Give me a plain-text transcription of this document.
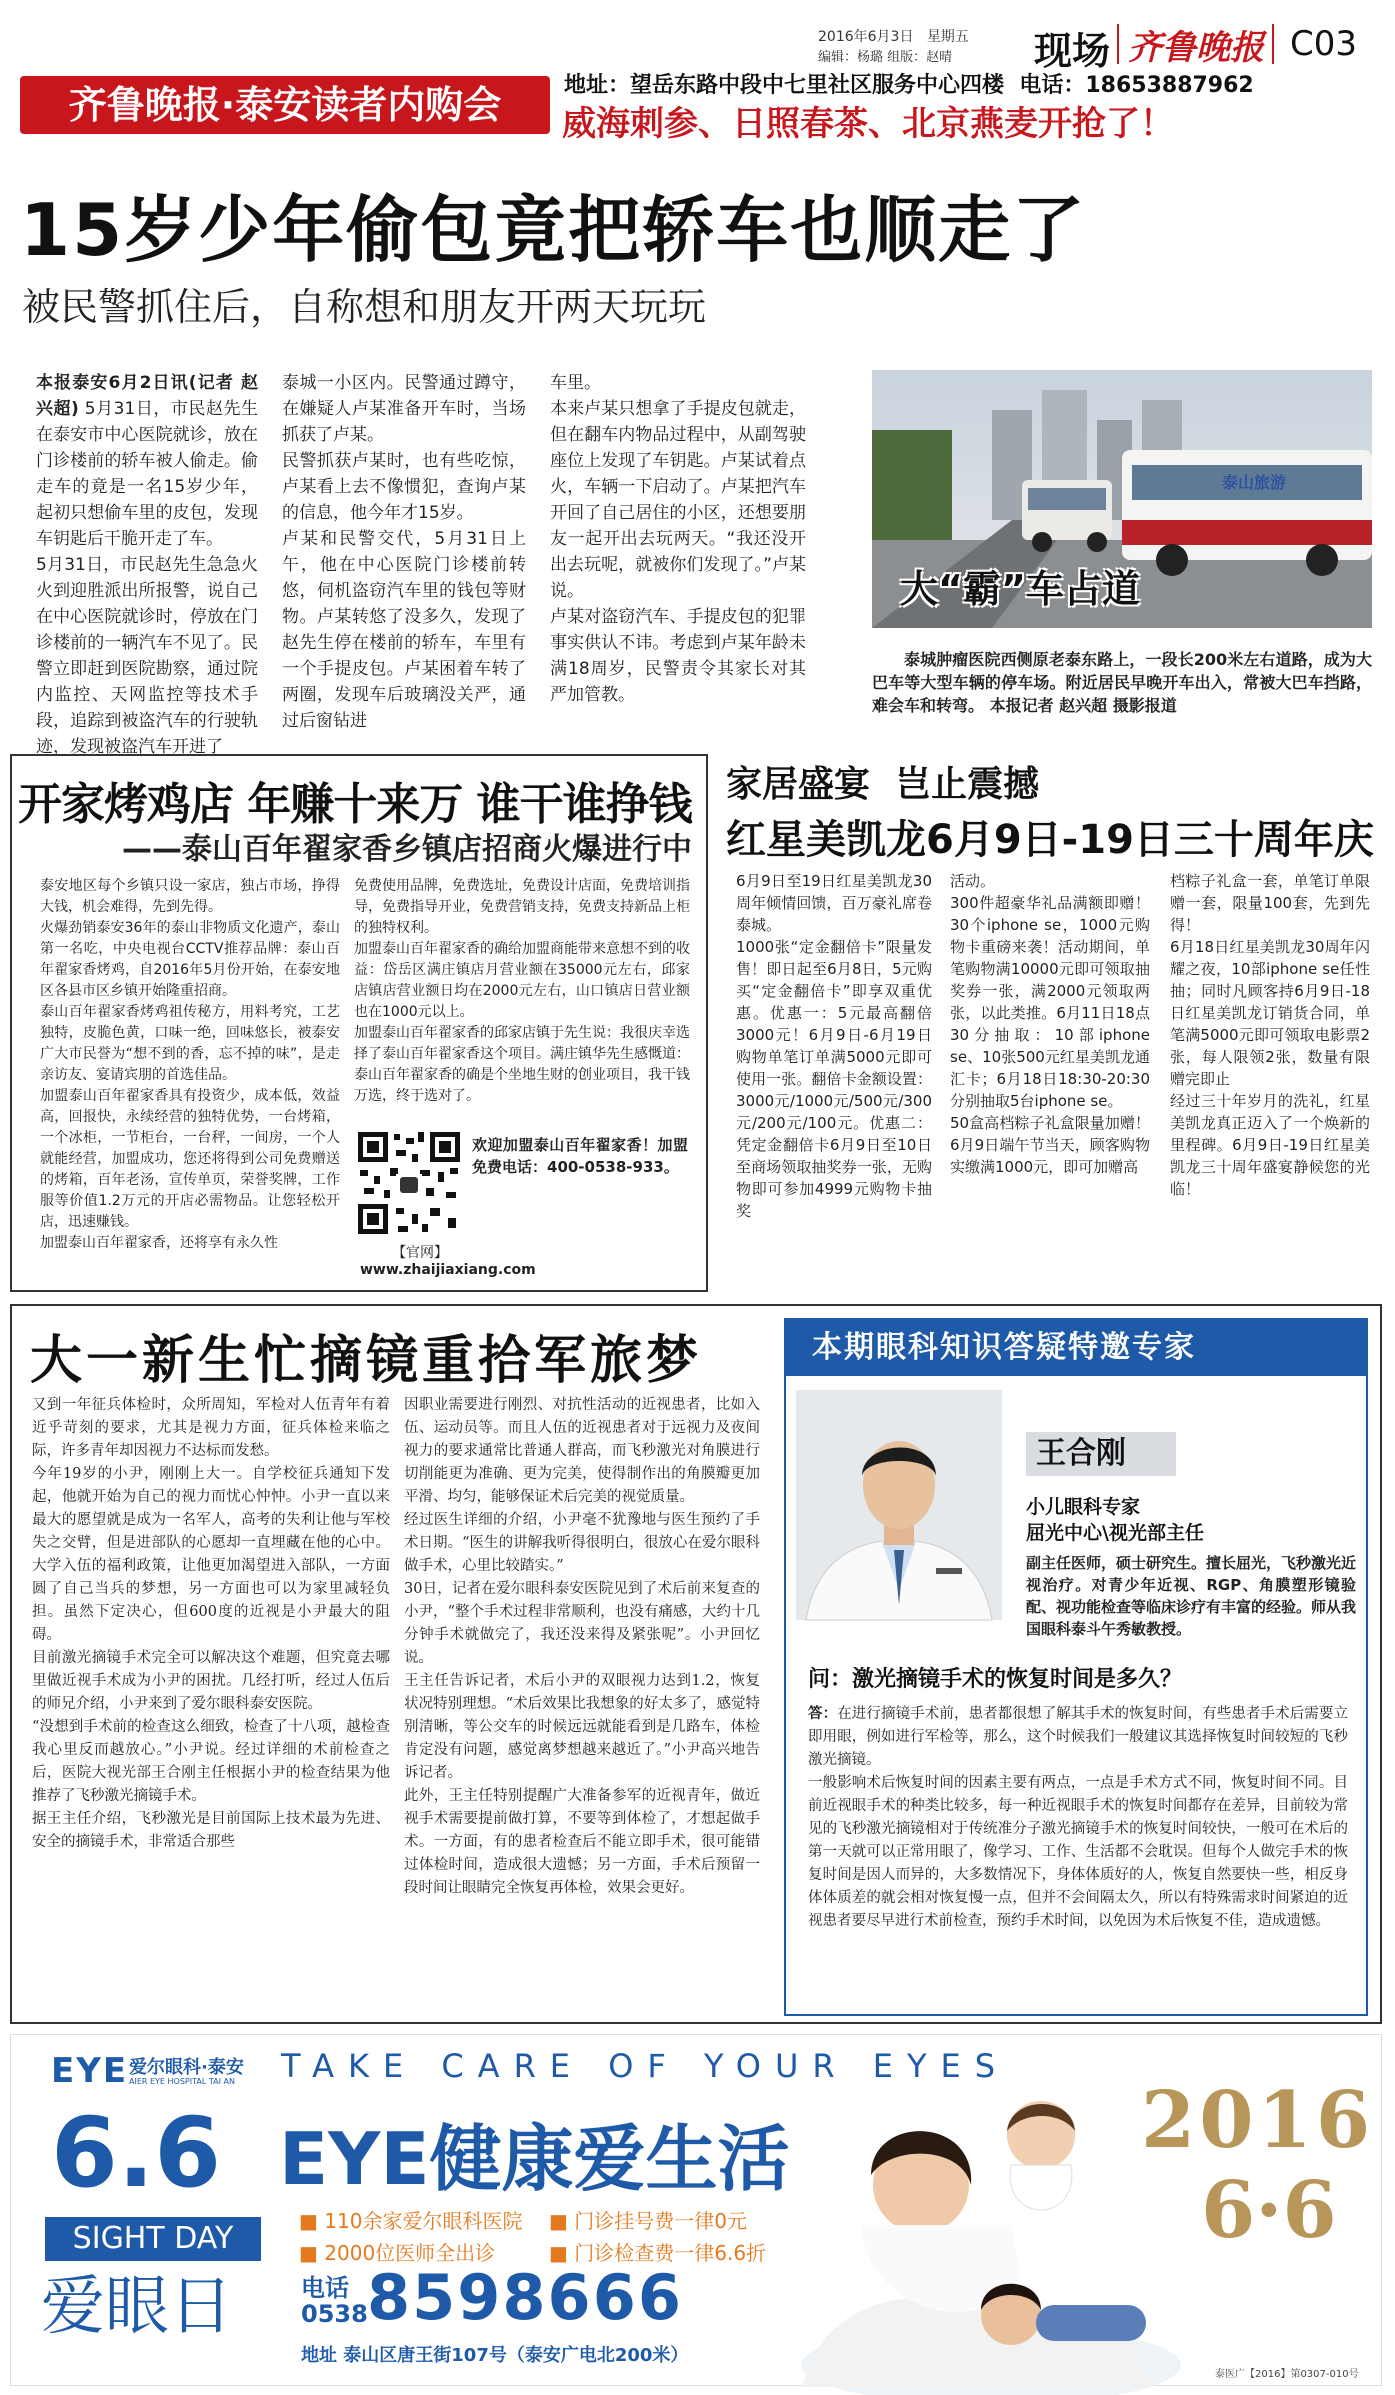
2016年6月3日 星期五
编辑：杨璐 组版：赵晴 现场 齐鲁晚报 C03
齐鲁晚报·泰安读者内购会	地址：望岳东路中段中七里社区服务中心四楼 电话：18653887962
威海刺参、日照春茶、北京燕麦开抢了！
15岁少年偷包竟把轿车也顺走了
被民警抓住后，自称想和朋友开两天玩玩
本报泰安6月2日讯(记者 赵兴超) 5月31日，市民赵先生在泰安市中心医院就诊，放在门诊楼前的轿车被人偷走。偷走车的竟是一名15岁少年，起初只想偷车里的皮包，发现车钥匙后干脆开走了车。
5月31日，市民赵先生急急火火到迎胜派出所报警，说自己在中心医院就诊时，停放在门诊楼前的一辆汽车不见了。民警立即赶到医院勘察，通过院内监控、天网监控等技术手段，追踪到被盗汽车的行驶轨迹，发现被盗汽车开进了
泰城一小区内。民警通过蹲守，在嫌疑人卢某准备开车时，当场抓获了卢某。
民警抓获卢某时，也有些吃惊，卢某看上去不像惯犯，查询卢某的信息，他今年才15岁。
卢某和民警交代，5月31日上午，他在中心医院门诊楼前转悠，伺机盗窃汽车里的钱包等财物。卢某转悠了没多久，发现了赵先生停在楼前的轿车，车里有一个手提皮包。卢某困着车转了两圈，发现车后玻璃没关严，通过后窗钻进
车里。
本来卢某只想拿了手提皮包就走，但在翻车内物品过程中，从副驾驶座位上发现了车钥匙。卢某试着点火，车辆一下启动了。卢某把汽车开回了自己居住的小区，还想要朋友一起开出去玩两天。“我还没开出去玩呢，就被你们发现了。”卢某说。
卢某对盗窃汽车、手提皮包的犯罪事实供认不讳。考虑到卢某年龄未满18周岁，民警责令其家长对其严加管教。
泰山旅游
大“霸”车占道
泰城肿瘤医院西侧原老泰东路上，一段长200米左右道路，成为大巴车等大型车辆的停车场。附近居民早晚开车出入，常被大巴车挡路，难会车和转弯。 本报记者 赵兴超 摄影报道
开家烤鸡店 年赚十来万 谁干谁挣钱
——泰山百年翟家香乡镇店招商火爆进行中
泰安地区每个乡镇只设一家店，独占市场，挣得大钱，机会难得，先到先得。
火爆劲销泰安36年的泰山非物质文化遗产，泰山第一名吃，中央电视台CCTV推荐品牌：泰山百年翟家香烤鸡，自2016年5月份开始，在泰安地区各县市区乡镇开始隆重招商。
泰山百年翟家香烤鸡祖传秘方，用料考究，工艺独特，皮脆色黄，口味一绝，回味悠长，被泰安广大市民誉为“想不到的香，忘不掉的味”，是走亲访友、宴请宾朋的首选佳品。
加盟泰山百年翟家香具有投资少，成本低，效益高，回报快，永续经营的独特优势，一台烤箱，一个冰柜，一节柜台，一台秤，一间房，一个人就能经营，加盟成功，您还将得到公司免费赠送的烤箱，百年老汤，宣传单页，荣誉奖牌，工作服等价值1.2万元的开店必需物品。让您轻松开店，迅速赚钱。
加盟泰山百年翟家香，还将享有永久性
免费使用品牌，免费选址，免费设计店面，免费培训指导，免费指导开业，免费营销支持，免费支持新品上柜的独特权利。
加盟泰山百年翟家香的确给加盟商能带来意想不到的收益：岱岳区满庄镇店月营业额在35000元左右，邱家店镇店营业额日均在2000元左右，山口镇店日营业额也在1000元以上。
加盟泰山百年翟家香的邱家店镇于先生说：我很庆幸选择了泰山百年翟家香这个项目。满庄镇华先生感慨道：泰山百年翟家香的确是个坐地生财的创业项目，我干钱万选，终于选对了。
欢迎加盟泰山百年翟家香！加盟免费电话：400-0538-933。
【官网】
www.zhaijiaxiang.com
家居盛宴  岂止震撼
红星美凯龙6月9日-19日三十周年庆
6月9日至19日红星美凯龙30周年倾情回馈，百万豪礼席卷泰城。
1000张“定金翻倍卡”限量发售！即日起至6月8日，5元购买“定金翻倍卡”即享双重优惠。优惠一：5元最高翻倍3000元！6月9日-6月19日购物单笔订单满5000元即可使用一张。翻倍卡金额设置：3000元/1000元/500元/300元/200元/100元。优惠二：凭定金翻倍卡6月9日至10日至商场领取抽奖券一张，无购物即可参加4999元购物卡抽奖
活动。
300件超豪华礼品满额即赠！30个iphone se，1000元购物卡重磅来袭！活动期间，单笔购物满10000元即可领取抽奖券一张，满2000元领取两张，以此类推。6月11日18点30分抽取：10部iphone se、10张500元红星美凯龙通汇卡；6月18日18:30-20:30分别抽取5台iphone se。
50盒高档粽子礼盒限量加赠！6月9日端午节当天，顾客购物实缴满1000元，即可加赠高
档粽子礼盒一套，单笔订单限赠一套，限量100套，先到先得！
6月18日红星美凯龙30周年闪耀之夜，10部iphone se任性抽；同时凡顾客持6月9日-18日红星美凯龙订销货合同，单笔满5000元即可领取电影票2张，每人限领2张，数量有限赠完即止
经过三十年岁月的洗礼，红星美凯龙真正迈入了一个焕新的里程碑。6月9日-19日红星美凯龙三十周年盛宴静候您的光临！
大一新生忙摘镜重拾军旅梦
又到一年征兵体检时，众所周知，军检对人伍青年有着近乎苛刻的要求，尤其是视力方面，征兵体检来临之际，许多青年却因视力不达标而发愁。
今年19岁的小尹，刚刚上大一。自学校征兵通知下发起，他就开始为自己的视力而忧心忡忡。小尹一直以来最大的愿望就是成为一名军人，高考的失利让他与军校失之交臂，但是进部队的心愿却一直埋藏在他的心中。大学入伍的福利政策，让他更加渴望进入部队，一方面圆了自己当兵的梦想，另一方面也可以为家里减轻负担。虽然下定决心，但600度的近视是小尹最大的阻碍。
目前激光摘镜手术完全可以解决这个难题，但究竟去哪里做近视手术成为小尹的困扰。几经打听，经过人伍后的师兄介绍，小尹来到了爱尔眼科泰安医院。
“没想到手术前的检查这么细致，检查了十八项，越检查我心里反而越放心。”小尹说。经过详细的术前检查之后，医院大视光部王合刚主任根据小尹的检查结果为他推荐了飞秒激光摘镜手术。
据王主任介绍，飞秒激光是目前国际上技术最为先进、安全的摘镜手术，非常适合那些
因职业需要进行刚烈、对抗性活动的近视患者，比如入伍、运动员等。而且人伍的近视患者对于远视力及夜间视力的要求通常比普通人群高，而飞秒激光对角膜进行切削能更为准确、更为完美，使得制作出的角膜瓣更加平滑、均匀，能够保证术后完美的视觉质量。
经过医生详细的介绍，小尹毫不犹豫地与医生预约了手术日期。“医生的讲解我听得很明白，很放心在爱尔眼科做手术，心里比较踏实。”
30日，记者在爱尔眼科泰安医院见到了术后前来复查的小尹，“整个手术过程非常顺利，也没有痛感，大约十几分钟手术就做完了，我还没来得及紧张呢”。小尹回忆说。
王主任告诉记者，术后小尹的双眼视力达到1.2，恢复状况特别理想。“术后效果比我想象的好太多了，感觉特别清晰，等公交车的时候远远就能看到是几路车，体检肯定没有问题，感觉离梦想越来越近了。”小尹高兴地告诉记者。
此外，王主任特别提醒广大准备参军的近视青年，做近视手术需要提前做打算，不要等到体检了，才想起做手术。一方面，有的患者检查后不能立即手术，很可能错过体检时间，造成很大遗憾；另一方面，手术后预留一段时间让眼睛完全恢复再体检，效果会更好。
本期眼科知识答疑特邀专家
王合刚
小儿眼科专家
屈光中心\视光部主任
副主任医师，硕士研究生。擅长屈光，飞秒激光近视治疗。对青少年近视、RGP、角膜塑形镜验配、视功能检查等临床诊疗有丰富的经验。师从我国眼科泰斗午秀敏教授。
问：激光摘镜手术的恢复时间是多久？
答：在进行摘镜手术前，患者都很想了解其手术的恢复时间，有些患者手术后需要立即用眼，例如进行军检等，那么，这个时候我们一般建议其选择恢复时间较短的飞秒激光摘镜。
一般影响术后恢复时间的因素主要有两点，一点是手术方式不同，恢复时间不同。目前近视眼手术的种类比较多，每一种近视眼手术的恢复时间都存在差异，目前较为常见的飞秒激光摘镜相对于传统准分子激光摘镜手术的恢复时间较快，一般可在术后的第一天就可以正常用眼了，像学习、工作、生活都不会耽误。但每个人做完手术的恢复时间是因人而异的，大多数情况下，身体体质好的人，恢复自然要快一些，相反身体体质差的就会相对恢复慢一点，但并不会间隔太久，所以有特殊需求时间紧迫的近视患者要尽早进行术前检查，预约手术时间，以免因为术后恢复不佳，造成遗憾。
EYE 爱尔眼科·泰安
AIER EYE HOSPITAL TAI AN TAKE CARE OF YOUR EYES
6.6
SIGHT DAY
爱眼日
EYE健康爱生活
■ 110余家爱尔眼科医院	■ 门诊挂号费一律0元
■ 2000位医师全出诊	■ 门诊检查费一律6.6折
电话
0538 8598666
地址 泰山区唐王街107号（泰安广电北200米）
2016
6·6
泰医广【2016】第0307-010号
